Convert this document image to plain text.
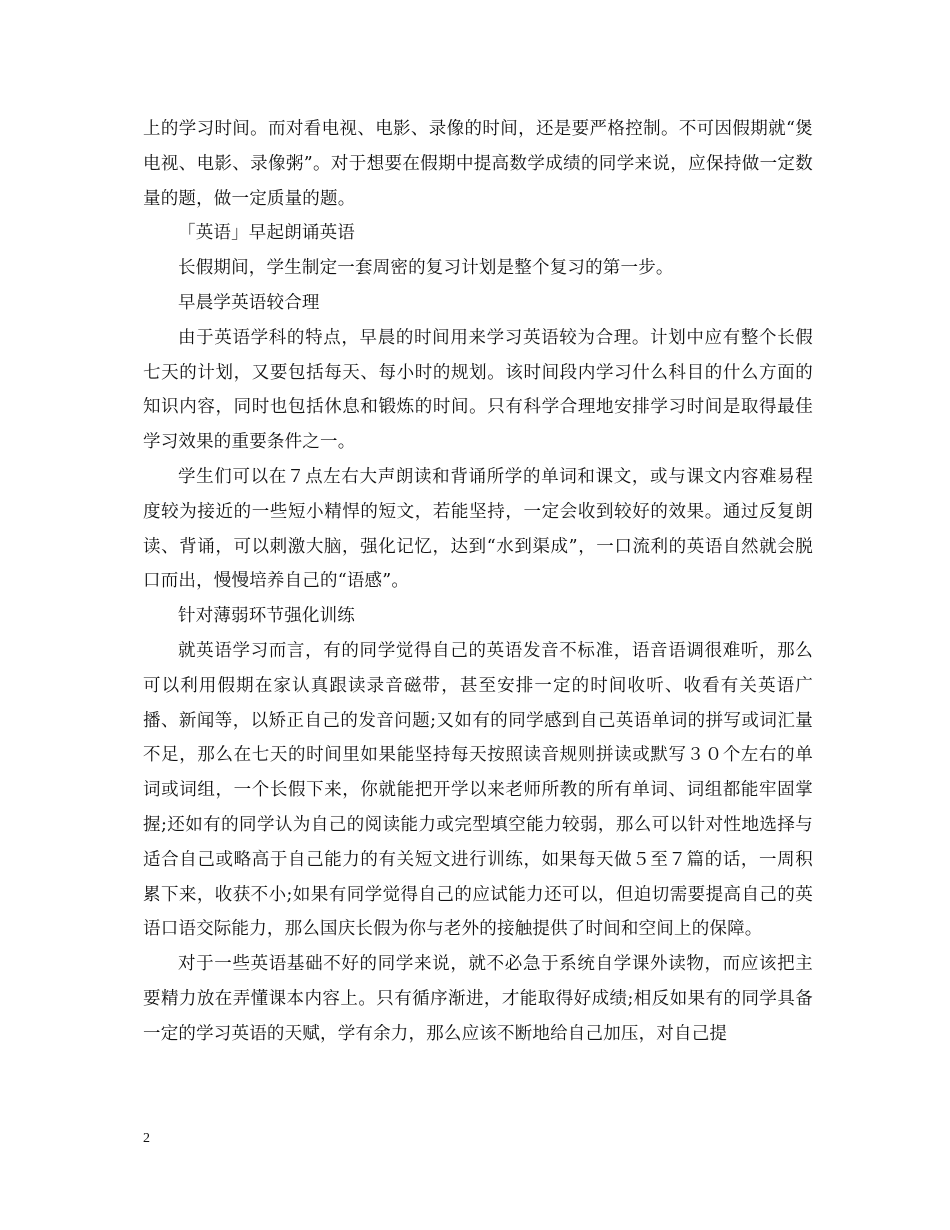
上的学习时间。而对看电视、电影、录像的时间，还是要严格控制。不可因假期就“煲电视、电影、录像粥”。对于想要在假期中提高数学成绩的同学来说，应保持做一定数量的题，做一定质量的题。

「英语」早起朗诵英语

长假期间，学生制定一套周密的复习计划是整个复习的第一步。

早晨学英语较合理

由于英语学科的特点，早晨的时间用来学习英语较为合理。计划中应有整个长假七天的计划，又要包括每天、每小时的规划。该时间段内学习什么科目的什么方面的知识内容，同时也包括休息和锻炼的时间。只有科学合理地安排学习时间是取得最佳学习效果的重要条件之一。

学生们可以在７点左右大声朗读和背诵所学的单词和课文，或与课文内容难易程度较为接近的一些短小精悍的短文，若能坚持，一定会收到较好的效果。通过反复朗读、背诵，可以刺激大脑，强化记忆，达到“水到渠成”，一口流利的英语自然就会脱口而出，慢慢培养自己的“语感”。

针对薄弱环节强化训练

就英语学习而言，有的同学觉得自己的英语发音不标准，语音语调很难听，那么可以利用假期在家认真跟读录音磁带，甚至安排一定的时间收听、收看有关英语广播、新闻等，以矫正自己的发音问题;又如有的同学感到自己英语单词的拼写或词汇量不足，那么在七天的时间里如果能坚持每天按照读音规则拼读或默写３０个左右的单词或词组，一个长假下来，你就能把开学以来老师所教的所有单词、词组都能牢固掌握;还如有的同学认为自己的阅读能力或完型填空能力较弱，那么可以针对性地选择与适合自己或略高于自己能力的有关短文进行训练，如果每天做５至７篇的话，一周积累下来，收获不小;如果有同学觉得自己的应试能力还可以，但迫切需要提高自己的英语口语交际能力，那么国庆长假为你与老外的接触提供了时间和空间上的保障。

对于一些英语基础不好的同学来说，就不必急于系统自学课外读物，而应该把主要精力放在弄懂课本内容上。只有循序渐进，才能取得好成绩;相反如果有的同学具备一定的学习英语的天赋，学有余力，那么应该不断地给自己加压，对自己提

2
